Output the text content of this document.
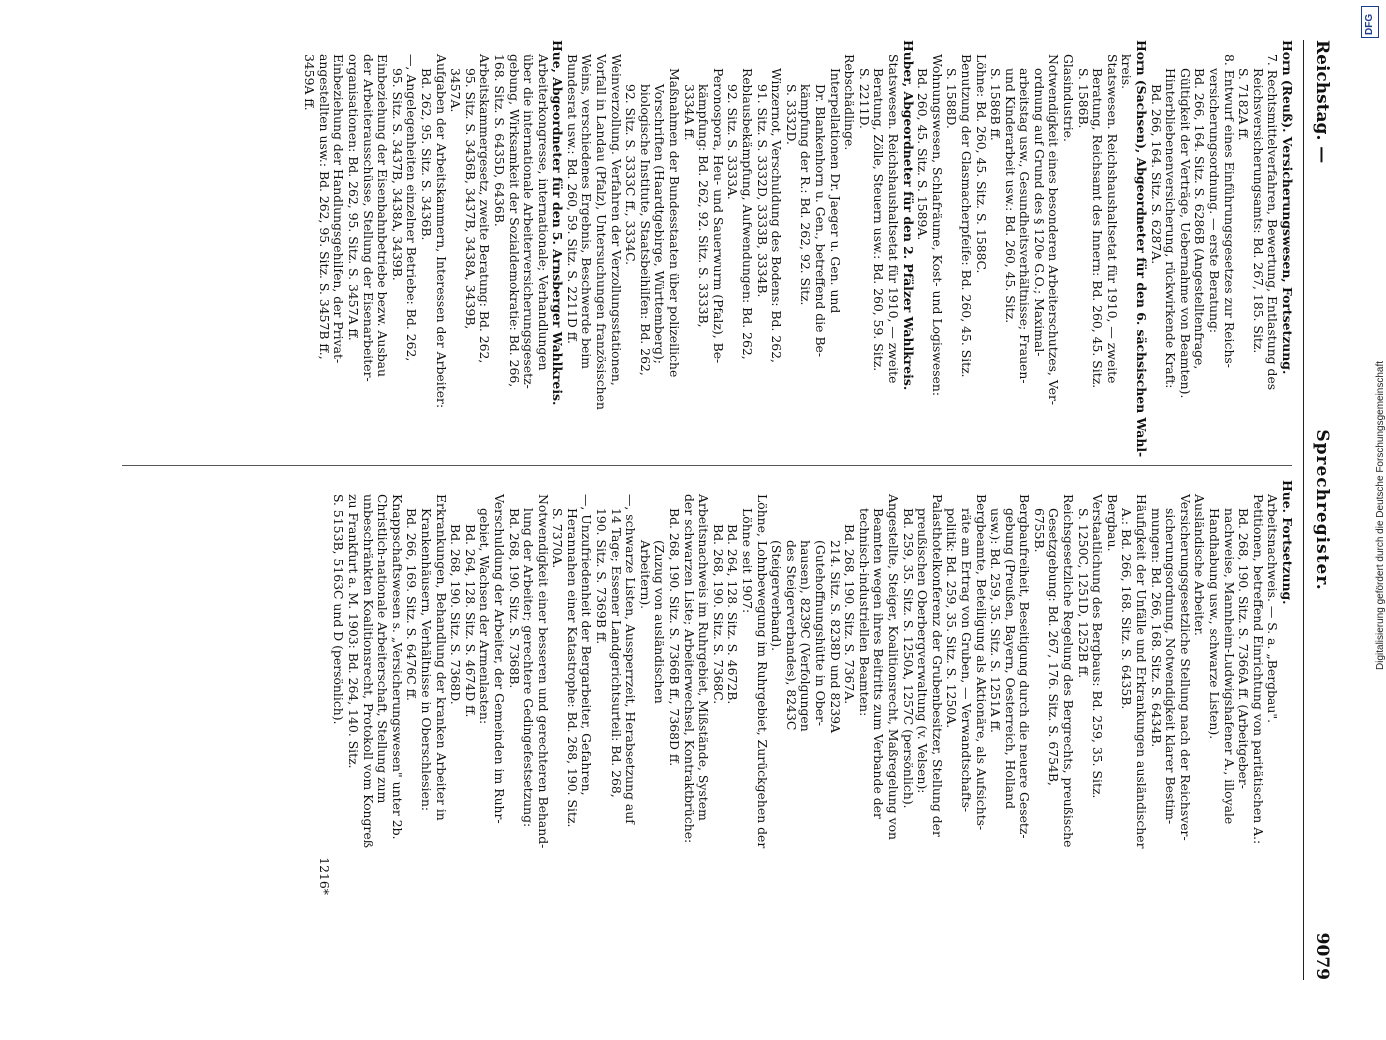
Reichstag. —
Sprechregister.
9079
Horn (Reuß). Versicherungswesen, Fortsetzung.
7. Rechtsmittelverfahren, Bewertung, Entlastung des
Reichsversicherungsamts: Bd. 267, 185. Sitz.
S. 7182A ff.
8. Entwurf eines Einführungsgesetzes zur Reichs-
versicherungsordnung. — erste Beratung:
Bd. 266, 164. Sitz. S. 6286B (Angestelltenfrage,
Gültigkeit der Verträge, Uebernahme von Beamten).
Hinterbliebenenversicherung, rückwirkende Kraft:
Bd. 266, 164. Sitz. S. 6287A.
Horn (Sachsen), Abgeordneter für den 6. sächsischen Wahl-
kreis.
Statswesen. Reichshaushaltsetat für 1910, — zweite
Beratung, Reichsamt des Innern: Bd. 260, 45. Sitz.
S. 1586B.
Glasindustrie.
Notwendigkeit eines besonderen Arbeiterschutzes, Ver-
ordnung auf Grund des § 120e G.O.; Maximal-
arbeitstag usw., Gesundheitsverhältnisse; Frauen-
und Kinderarbeit usw.: Bd. 260, 45. Sitz.
S. 1586B ff.
Löhne: Bd. 260, 45. Sitz. S. 1588C.
Benutzung der Glasmacherpfeife: Bd. 260, 45. Sitz.
S. 1588D.
Wohnungswesen, Schlafräume, Kost- und Logiswesen:
Bd. 260, 45. Sitz. S. 1589A.
Huber, Abgeordneter für den 2. Pfälzer Wahlkreis.
Statswesen. Reichshaushaltsetat für 1910, — zweite
Beratung, Zölle, Steuern usw.: Bd. 260, 59. Sitz.
S. 2211D.
Rebschädlinge.
Interpellationen Dr. Jaeger u. Gen. und
Dr. Blankenhorn u. Gen., betreffend die Be-
kämpfung der R.: Bd. 262, 92. Sitz.
S. 3332D.
Winzernot, Verschuldung des Bodens: Bd. 262,
91. Sitz. S. 3332D, 3333B, 3334B.
Reblausbekämpfung, Aufwendungen: Bd. 262,
92. Sitz. S. 3333A.
Peronospora, Heu- und Sauerwurm (Pfalz), Be-
kämpfung: Bd. 262, 92. Sitz. S. 3333B,
3334A ff.
Maßnahmen der Bundesstaaten über polizeiliche
Vorschriften (Haardtgebirge, Württemberg);
biologische Institute, Staatsbeihilfen: Bd. 262,
92. Sitz. S. 3333C ff., 3334C.
Weinverzollung. Verfahren der Verzollungsstationen,
Vorfall in Landau (Pfalz), Untersuchungen französischen
Weins, verschiedenes Ergebnis, Beschwerde beim
Bundesrat usw.: Bd. 260, 59. Sitz. S. 2211D ff.
Hue, Abgeordneter für den 5. Arnsberger Wahlkreis.
Arbeiterkongresse, internationale; Verhandlungen
über die internationale Arbeiterversicherungsgesetz-
gebung, Wirksamkeit der Sozialdemokratie: Bd. 266,
168. Sitz. S. 6435D, 6436B.
Arbeitskammergesetz, zweite Beratung: Bd. 262,
95. Sitz. S. 3436B, 3437B, 3438A, 3439B,
3457A.
Aufgaben der Arbeitskammern, Interessen der Arbeiter:
Bd. 262, 95. Sitz. S. 3436B.
—, Angelegenheiten einzelner Betriebe: Bd. 262,
95. Sitz. S. 3437B, 3438A, 3439B.
Einbeziehung der Eisenbahnbetriebe bezw. Ausbau
der Arbeiterausschüsse, Stellung der Eisenarbeiter-
organisationen: Bd. 262, 95. Sitz. S. 3457A ff.
Einbeziehung der Handlungsgehilfen, der Privat-
angestellten usw.: Bd. 262, 95. Sitz. S. 3457B ff.,
3459A ff.
Hue. Fortsetzung.
Arbeitsnachweis. — S. a. „Bergbau".
Petitionen, betreffend Einrichtung von paritätischen A.:
Bd. 268, 190. Sitz. S. 7366A ff. (Arbeitgeber-
nachweise, Mannheim-Ludwigshafener A., illoyale
Handhabung usw., schwarze Listen).
Ausländische Arbeiter.
Versicherungsgesetzliche Stellung nach der Reichsver-
sicherungsordnung, Notwendigkeit klarer Bestim-
mungen: Bd. 266, 168. Sitz. S. 6434B.
Häufigkeit der Unfälle und Erkrankungen ausländischer
A.: Bd. 266, 168. Sitz. S. 6435B.
Bergbau.
Verstaatlichung des Bergbaus: Bd. 259, 35. Sitz.
S. 1250C, 1251D, 1252B ff.
Reichsgesetzliche Regelung des Bergrechts, preußische
Gesetzgebung: Bd. 267, 176. Sitz. S. 6754B,
6755B.
Bergbaufreiheit, Beseitigung durch die neuere Gesetz-
gebung (Preußen, Bayern, Oesterreich, Holland
usw.): Bd. 259, 35. Sitz. S. 1251A ff.
Bergbeamte, Beteiligung als Aktionäre, als Aufsichts-
räte am Ertrag von Gruben, — Verwandtschafts-
politik: Bd. 259, 35. Sitz. S. 1250A.
Palasthotelkonferenz der Grubenbesitzer, Stellung der
preußischen Oberbergverwaltung (v. Velsen):
Bd. 259, 35. Sitz. S. 1250A, 1257C (persönlich).
Angestellte, Steiger, Koalitionsrecht, Maßregelung von
Beamten wegen ihres Beitritts zum Verbande der
technisch-industriellen Beamten:
Bd. 268, 190. Sitz. S. 7367A.
214. Sitz. S. 8238D und 8239A
(Gutehoffnungshütte in Ober-
hausen), 8239C (Verfolgungen
des Steigerverbandes), 8243C
(Steigerverband).
Löhne, Lohnbewegung im Ruhrgebiet, Zurückgehen der
Löhne seit 1907:
Bd. 264, 128. Sitz. S. 4672B.
Bd. 268, 190. Sitz. S. 7368C.
Arbeitsnachweis im Ruhrgebiet, Mißstände, System
der schwarzen Liste; Arbeiterwechsel, Kontraktbrüche:
Bd. 268, 190. Sitz. S. 7366B ff., 7368D ff.
(Zuzug von ausländischen
Arbeitern).
—, schwarze Listen, Aussperrzeit, Herabsetzung auf
14 Tage; Essener Landgerichtsurteil: Bd. 268,
190. Sitz. S. 7369B ff.
—, Unzufriedenheit der Bergarbeiter, Gefahren,
Herannahen einer Katastrophe: Bd. 268, 190. Sitz.
S. 7370A.
Notwendigkeit einer besseren und gerechteren Behand-
lung der Arbeiter; gerechtere Gedingefestsetzung:
Bd. 268, 190. Sitz. S. 7368B.
Verschuldung der Arbeiter, der Gemeinden im Ruhr-
gebiet, Wachsen der Armenlasten:
Bd. 264, 128. Sitz. S. 4674D ff.
Bd. 268, 190. Sitz. S. 7368D.
Erkrankungen, Behandlung der kranken Arbeiter in
Krankenhäusern, Verhältnisse in Oberschlesien:
Bd. 266, 169. Sitz. S. 6476C ff.
Knappschaftswesen s. „Versicherungswesen" unter 2b.
Christlich-nationale Arbeiterschaft, Stellung zum
unbeschränkten Koalitionsrecht, Protokoll vom Kongreß
zu Frankfurt a. M. 1903: Bd. 264, 140. Sitz.
S. 5153B, 5163C und D (persönlich).
1216*
Digitalisierung gefördert durch die Deutsche Forschungsgemeinschaft
DFG
